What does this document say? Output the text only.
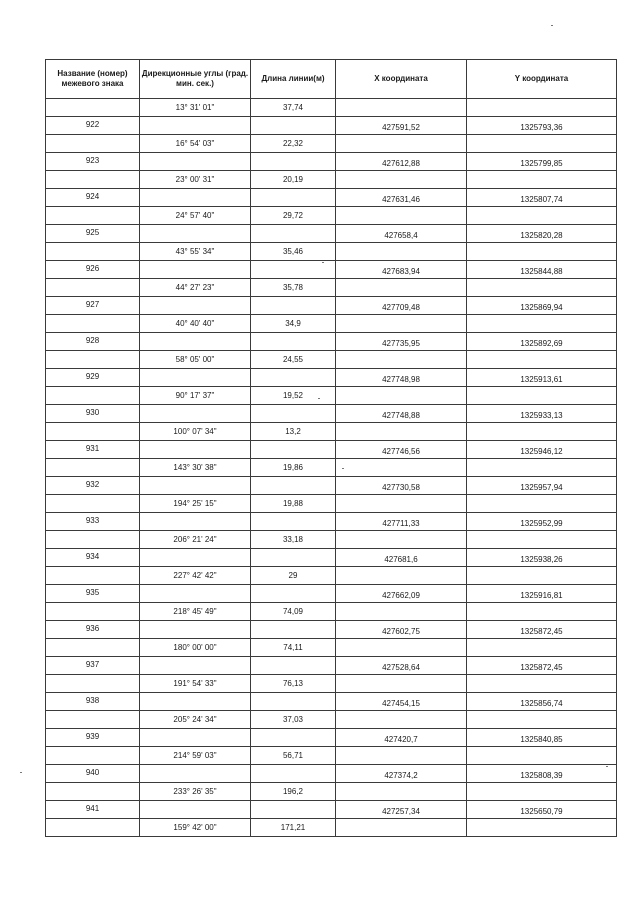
Название (номер) межевого знака	Дирекционные углы (град. мин. сек.)	Длина линии(м)	X координата	Y координата
	13° 31' 01"	37,74		
922			427591,52	1325793,36
	16° 54' 03"	22,32		
923			427612,88	1325799,85
	23° 00' 31"	20,19		
924			427631,46	1325807,74
	24° 57' 40"	29,72		
925			427658,4	1325820,28
	43° 55' 34"	35,46		
926			427683,94	1325844,88
	44° 27' 23"	35,78		
927			427709,48	1325869,94
	40° 40' 40"	34,9		
928			427735,95	1325892,69
	58° 05' 00"	24,55		
929			427748,98	1325913,61
	90° 17' 37"	19,52		
930			427748,88	1325933,13
	100° 07' 34"	13,2		
931			427746,56	1325946,12
	143° 30' 38"	19,86		
932			427730,58	1325957,94
	194° 25' 15"	19,88		
933			427711,33	1325952,99
	206° 21' 24"	33,18		
934			427681,6	1325938,26
	227° 42' 42"	29		
935			427662,09	1325916,81
	218° 45' 49"	74,09		
936			427602,75	1325872,45
	180° 00' 00"	74,11		
937			427528,64	1325872,45
	191° 54' 33"	76,13		
938			427454,15	1325856,74
	205° 24' 34"	37,03		
939			427420,7	1325840,85
	214° 59' 03"	56,71		
940			427374,2	1325808,39
	233° 26' 35"	196,2		
941			427257,34	1325650,79
	159° 42' 00"	171,21		
